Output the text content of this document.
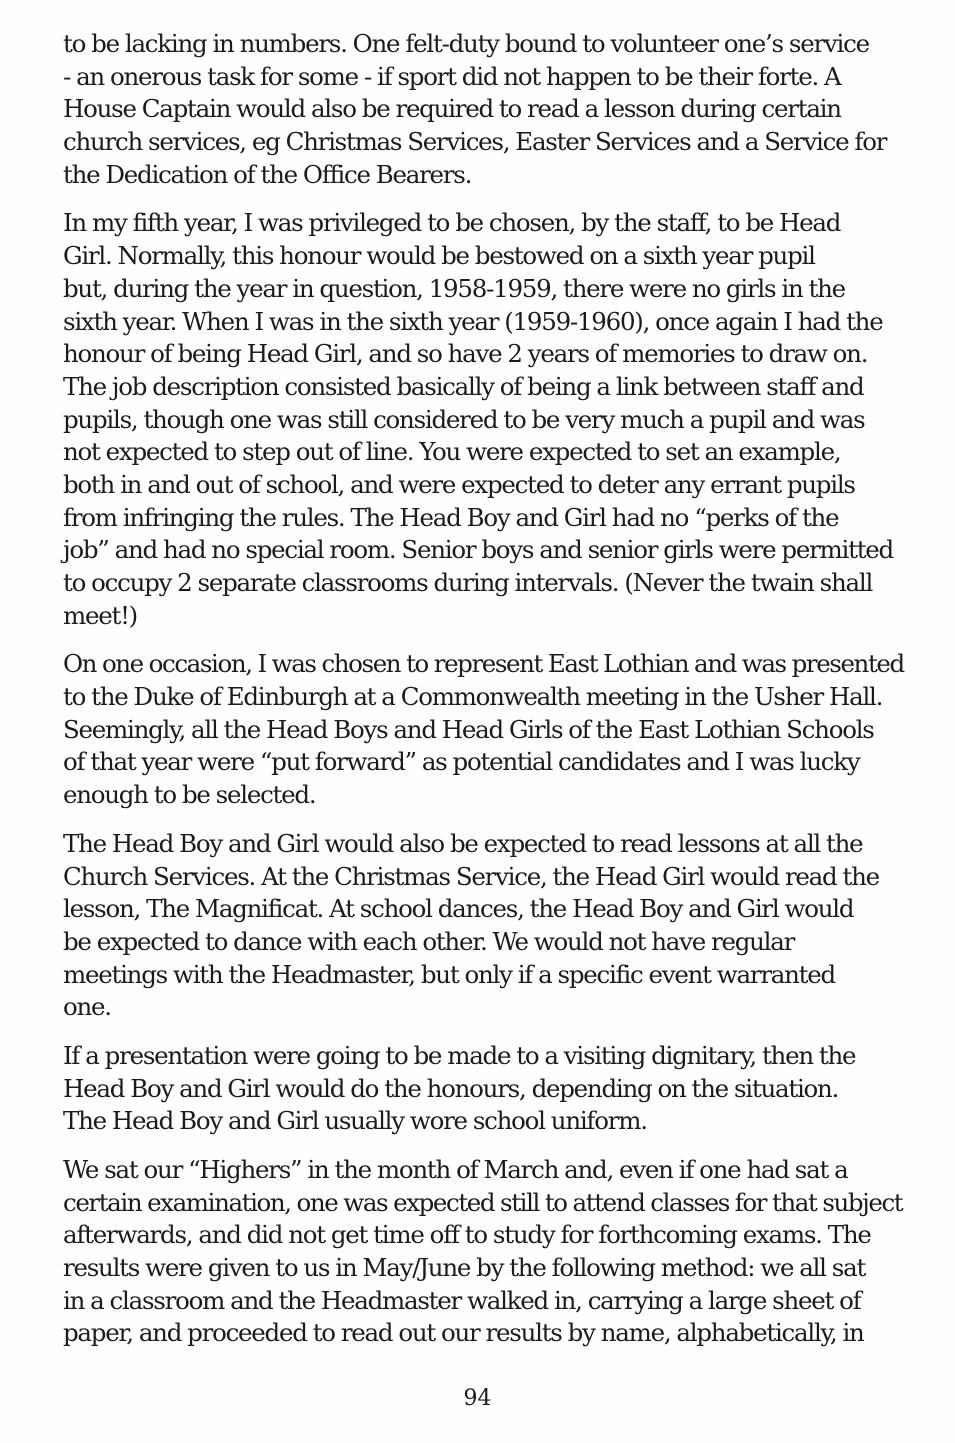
to be lacking in numbers. One felt-duty bound to volunteer one’s service
- an onerous task for some - if sport did not happen to be their forte. A
House Captain would also be required to read a lesson during certain
church services, eg Christmas Services, Easter Services and a Service for
the Dedication of the Office Bearers.
In my fifth year, I was privileged to be chosen, by the staff, to be Head
Girl. Normally, this honour would be bestowed on a sixth year pupil
but, during the year in question, 1958-1959, there were no girls in the
sixth year. When I was in the sixth year (1959-1960), once again I had the
honour of being Head Girl, and so have 2 years of memories to draw on.
The job description consisted basically of being a link between staff and
pupils, though one was still considered to be very much a pupil and was
not expected to step out of line. You were expected to set an example,
both in and out of school, and were expected to deter any errant pupils
from infringing the rules. The Head Boy and Girl had no “perks of the
job” and had no special room. Senior boys and senior girls were permitted
to occupy 2 separate classrooms during intervals. (Never the twain shall
meet!)
On one occasion, I was chosen to represent East Lothian and was presented
to the Duke of Edinburgh at a Commonwealth meeting in the Usher Hall.
Seemingly, all the Head Boys and Head Girls of the East Lothian Schools
of that year were “put forward” as potential candidates and I was lucky
enough to be selected.
The Head Boy and Girl would also be expected to read lessons at all the
Church Services. At the Christmas Service, the Head Girl would read the
lesson, The Magnificat. At school dances, the Head Boy and Girl would
be expected to dance with each other. We would not have regular
meetings with the Headmaster, but only if a specific event warranted
one.
If a presentation were going to be made to a visiting dignitary, then the
Head Boy and Girl would do the honours, depending on the situation.
The Head Boy and Girl usually wore school uniform.
We sat our “Highers” in the month of March and, even if one had sat a
certain examination, one was expected still to attend classes for that subject
afterwards, and did not get time off to study for forthcoming exams. The
results were given to us in May/June by the following method: we all sat
in a classroom and the Headmaster walked in, carrying a large sheet of
paper, and proceeded to read out our results by name, alphabetically, in
94
